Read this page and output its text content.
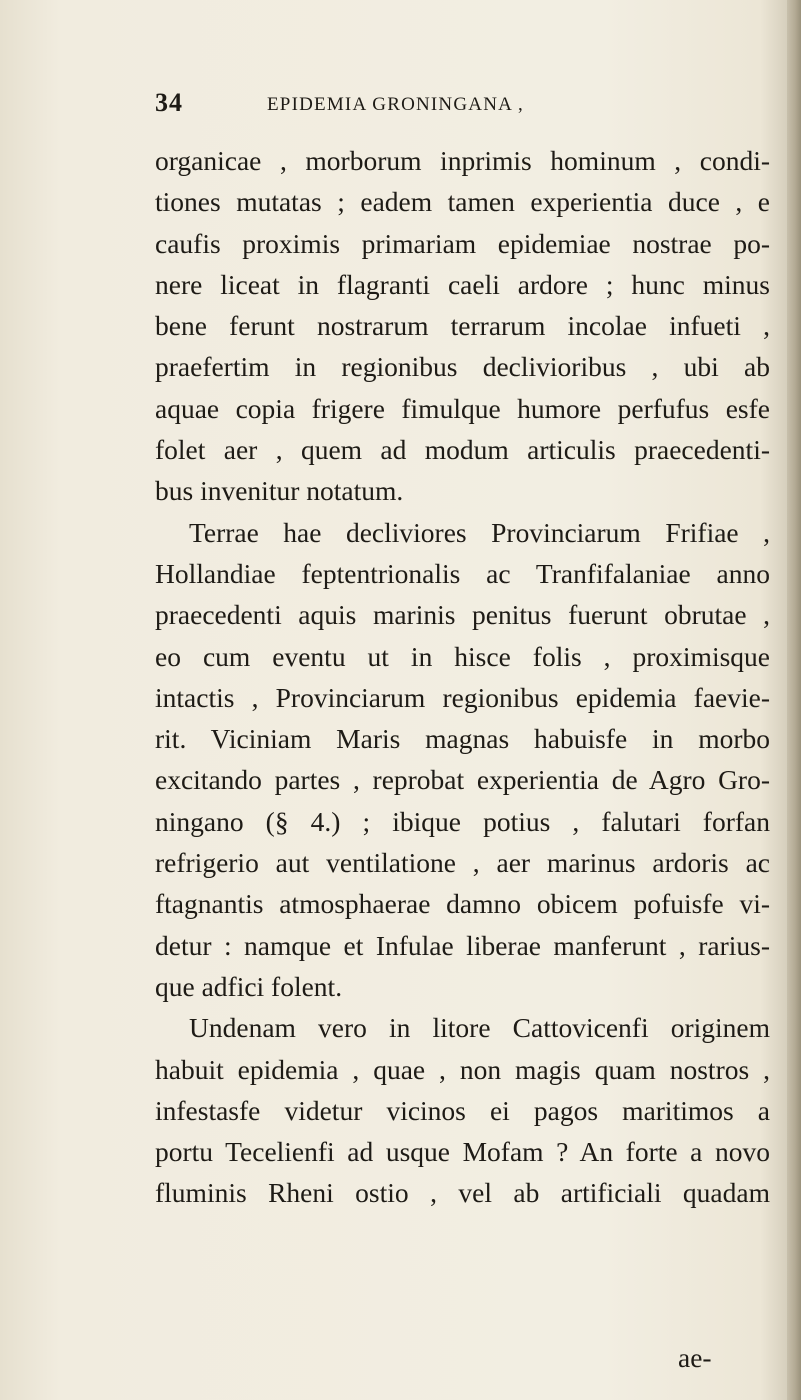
34	EPIDEMIA GRONINGANA ,
organicae , morborum inprimis hominum , condi-
tiones mutatas ; eadem tamen experientia duce , e
caufis proximis primariam epidemiae nostrae po-
nere liceat in flagranti caeli ardore ; hunc minus
bene ferunt nostrarum terrarum incolae infueti ,
praefertim in regionibus declivioribus , ubi ab
aquae copia frigere fimulque humore perfufus esfe
folet aer , quem ad modum articulis praecedenti-
bus invenitur notatum.
Terrae hae decliviores Provinciarum Frifiae ,
Hollandiae feptentrionalis ac Tranfifalaniae anno
praecedenti aquis marinis penitus fuerunt obrutae ,
eo cum eventu ut in hisce folis , proximisque
intactis , Provinciarum regionibus epidemia faevie-
rit. Viciniam Maris magnas habuisfe in morbo
excitando partes , reprobat experientia de Agro Gro-
ningano (§ 4.) ; ibique potius , falutari forfan
refrigerio aut ventilatione , aer marinus ardoris ac
ftagnantis atmosphaerae damno obicem pofuisfe vi-
detur : namque et Infulae liberae manferunt , rarius-
que adfici folent.
Undenam vero in litore Cattovicenfi originem
habuit epidemia , quae , non magis quam nostros ,
infestasfe videtur vicinos ei pagos maritimos a
portu Tecelienfi ad usque Mofam ? An forte a novo
fluminis Rheni ostio , vel ab artificiali quadam
ae-
